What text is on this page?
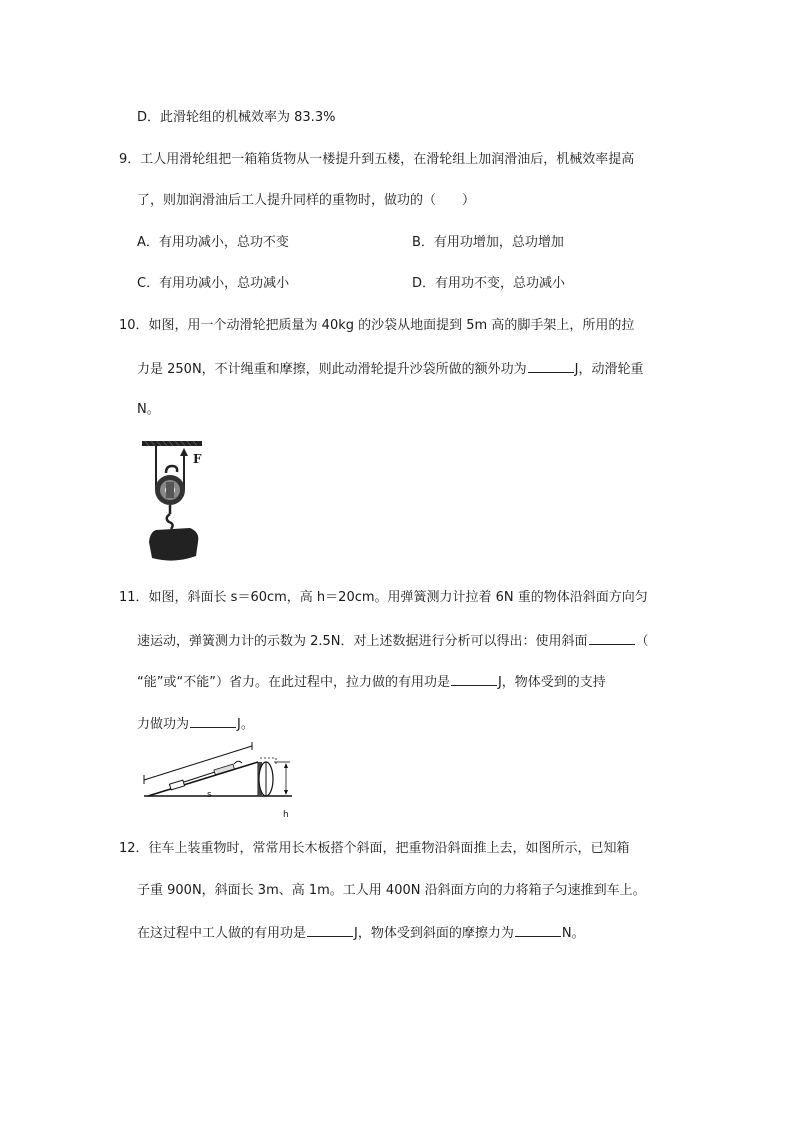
D．此滑轮组的机械效率为 83.3%
9．工人用滑轮组把一箱箱货物从一楼提升到五楼，在滑轮组上加润滑油后，机械效率提高
了，则加润滑油后工人提升同样的重物时，做功的（　　）
A．有用功减小，总功不变	B．有用功增加，总功增加
C．有用功减小，总功减小	D．有用功不变，总功减小
10．如图，用一个动滑轮把质量为 40kg 的沙袋从地面提到 5m 高的脚手架上，所用的拉
力是 250N，不计绳重和摩擦，则此动滑轮提升沙袋所做的额外功为	J，动滑轮重
N。
F
11．如图，斜面长 s＝60cm，高 h＝20cm。用弹簧测力计拉着 6N 重的物体沿斜面方向匀
速运动，弹簧测力计的示数为 2.5N．对上述数据进行分析可以得出：使用斜面	（
“能”或“不能”）省力。在此过程中，拉力做的有用功是	J，物体受到的支持
力做功为	J。
s
h
12．往车上装重物时，常常用长木板搭个斜面，把重物沿斜面推上去，如图所示，已知箱
子重 900N，斜面长 3m、高 1m。工人用 400N 沿斜面方向的力将箱子匀速推到车上。
在这过程中工人做的有用功是	J，物体受到斜面的摩擦力为	N。
